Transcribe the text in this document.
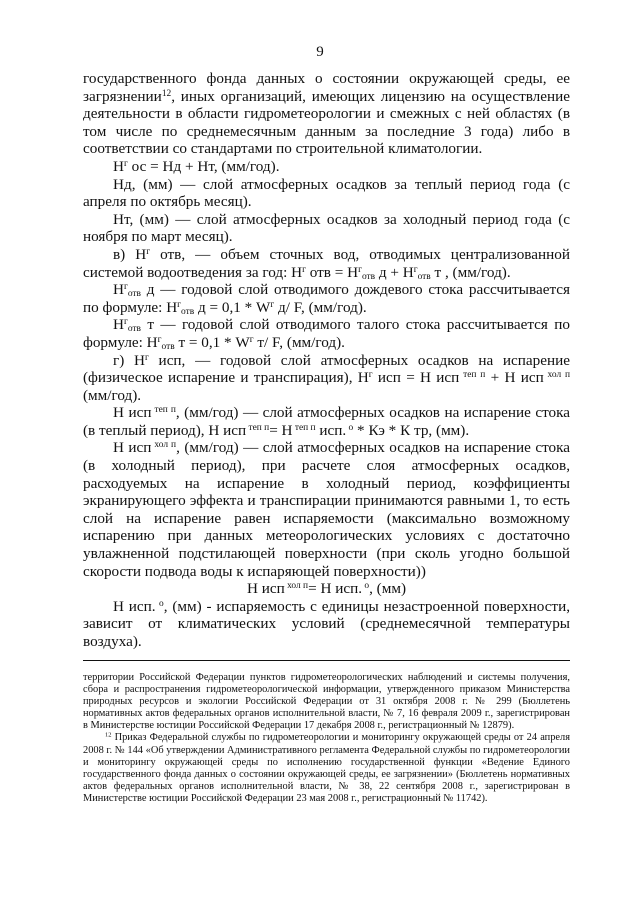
9

государственного фонда данных о состоянии окружающей среды, ее загрязнении$^{12}$, иных организаций, имеющих лицензию на осуществление деятельности в области гидрометеорологии и смежных с ней областях (в том числе по среднемесячным данным за последние 3 года) либо в соответствии со стандартами по строительной климатологии.

$Н^г$ ос = Нд + Нт, (мм/год).

Нд, (мм) — слой атмосферных осадков за теплый период года (с апреля по октябрь месяц).

Нт, (мм) — слой атмосферных осадков за холодный период года (с ноября по март месяц).

в) $Н^г$ отв, — объем сточных вод, отводимых централизованной системой водоотведения за год: $Н^г$ отв = $Н^г_{отв}$ $д + Н^г_{отв}$ т , (мм/год).

$Н^г_{отв}$ д — годовой слой отводимого дождевого стока рассчитывается по формуле: $Н^г_{отв}$ $д = 0,1 * W^г$ д/ F, (мм/год).

$Н^г_{отв}$ т — годовой слой отводимого талого стока рассчитывается по формуле: $Н^г_{отв}$ $т = 0,1 * W^г$ т/ F, (мм/год).

г) $Н^г$ исп, — годовой слой атмосферных осадков на испарение (физическое испарение и транспирация), $Н^г$ исп = Н исп $^{теп п}$ + Н исп $^{хол п}$ (мм/год).

Н исп $^{теп п}$, (мм/год) — слой атмосферных осадков на испарение стока (в теплый период), Н исп $^{теп п}$= Н $^{теп п}$ исп. $^о$ * Кэ * К тр, (мм).

Н исп $^{хол п}$, (мм/год) — слой атмосферных осадков на испарение стока (в холодный период), при расчете слоя атмосферных осадков, расходуемых на испарение в холодный период, коэффициенты экранирующего эффекта и транспирации принимаются равными 1, то есть слой на испарение равен испаряемости (максимально возможному испарению при данных метеорологических условиях с достаточно увлажненной подстилающей поверхности (при сколь угодно большой скорости подвода воды к испаряющей поверхности))

Н исп $^{хол п}$= Н исп. $^о$, (мм)

Н исп. $^о$, (мм) - испаряемость с единицы незастроенной поверхности, зависит от климатических условий (среднемесячной температуры воздуха).

территории Российской Федерации пунктов гидрометеорологических наблюдений и системы получения, сбора и распространения гидрометеорологической информации, утвержденного приказом Министерства природных ресурсов и экологии Российской Федерации от 31 октября 2008 г. № 299 (Бюллетень нормативных актов федеральных органов исполнительной власти, № 7, 16 февраля 2009 г., зарегистрирован в Министерстве юстиции Российской Федерации 17 декабря 2008 г., регистрационный № 12879).

$^{12}$ Приказ Федеральной службы по гидрометеорологии и мониторингу окружающей среды от 24 апреля 2008 г. № 144 «Об утверждении Административного регламента Федеральной службы по гидрометеорологии и мониторингу окружающей среды по исполнению государственной функции «Ведение Единого государственного фонда данных о состоянии окружающей среды, ее загрязнении» (Бюллетень нормативных актов федеральных органов исполнительной власти, № 38, 22 сентября 2008 г., зарегистрирован в Министерстве юстиции Российской Федерации 23 мая 2008 г., регистрационный № 11742).
